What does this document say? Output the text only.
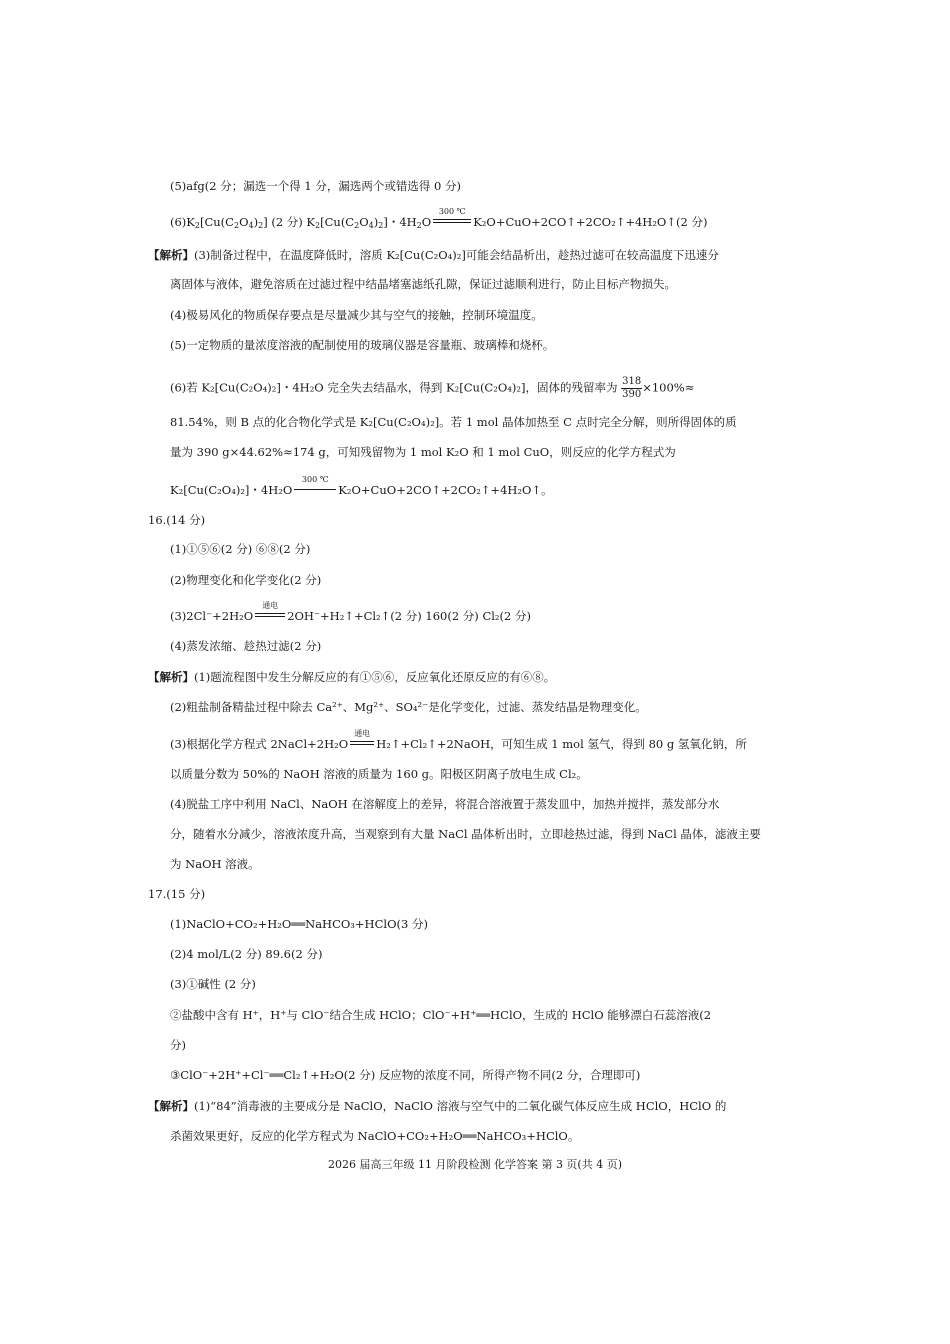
(5)afg(2 分；漏选一个得 1 分，漏选两个或错选得 0 分)
$(6)K_2[Cu(C_2O_4)_2]$ (2 分) $K_2[Cu(C_2O_4)_2]$・$4H_2O$
300 ℃
K₂O+CuO+2CO↑+2CO₂↑+4H₂O↑(2 分)
【解析】(3)制备过程中，在温度降低时，溶质 K₂[Cu(C₂O₄)₂]可能会结晶析出，趁热过滤可在较高温度下迅速分
离固体与液体，避免溶质在过滤过程中结晶堵塞滤纸孔隙，保证过滤顺利进行，防止目标产物损失。
(4)极易风化的物质保存要点是尽量减少其与空气的接触，控制环境温度。
(5)一定物质的量浓度溶液的配制使用的玻璃仪器是容量瓶、玻璃棒和烧杯。
(6)若 K₂[Cu(C₂O₄)₂]・4H₂O 完全失去结晶水，得到 K₂[Cu(C₂O₄)₂]，固体的残留率为 $\frac{318}{390} \times 100\%\approx$
81.54%，则 B 点的化合物化学式是 K₂[Cu(C₂O₄)₂]。若 1 mol 晶体加热至 C 点时完全分解，则所得固体的质
量为 390 g×44.62%≈174 g，可知残留物为 1 mol K₂O 和 1 mol CuO，则反应的化学方程式为
K₂[Cu(C₂O₄)₂]・4H₂O
300 ℃
K₂O+CuO+2CO↑+2CO₂↑+4H₂O↑。
16.(14 分)
(1)①⑤⑥(2 分) ⑥⑧(2 分)
(2)物理变化和化学变化(2 分)
(3)2Cl⁻+2H₂O
通电
2OH⁻+H₂↑+Cl₂↑(2 分) 160(2 分) Cl₂(2 分)
(4)蒸发浓缩、趁热过滤(2 分)
【解析】(1)题流程图中发生分解反应的有①⑤⑥，反应氧化还原反应的有⑥⑧。
(2)粗盐制备精盐过程中除去 Ca²⁺、Mg²⁺、SO₄²⁻是化学变化，过滤、蒸发结晶是物理变化。
(3)根据化学方程式 2NaCl+2H₂O
通电
H₂↑+Cl₂↑+2NaOH，可知生成 1 mol 氢气，得到 80 g 氢氧化钠，所
以质量分数为 50%的 NaOH 溶液的质量为 160 g。阳极区阴离子放电生成 Cl₂。
(4)脱盐工序中利用 NaCl、NaOH 在溶解度上的差异，将混合溶液置于蒸发皿中，加热并搅拌，蒸发部分水
分，随着水分减少，溶液浓度升高，当观察到有大量 NaCl 晶体析出时，立即趁热过滤，得到 NaCl 晶体，滤液主要
为 NaOH 溶液。
17.(15 分)
(1)NaClO+CO₂+H₂O══NaHCO₃+HClO(3 分)
(2)4 mol/L(2 分) 89.6(2 分)
(3)①碱性 (2 分)
②盐酸中含有 H⁺，H⁺与 ClO⁻结合生成 HClO；ClO⁻+H⁺══HClO，生成的 HClO 能够漂白石蕊溶液(2
分)
③ClO⁻+2H⁺+Cl⁻══Cl₂↑+H₂O(2 分) 反应物的浓度不同，所得产物不同(2 分，合理即可)
【解析】(1)“84”消毒液的主要成分是 NaClO，NaClO 溶液与空气中的二氧化碳气体反应生成 HClO，HClO 的
杀菌效果更好，反应的化学方程式为 NaClO+CO₂+H₂O══NaHCO₃+HClO。
2026 届高三年级 11 月阶段检测 化学答案 第 3 页(共 4 页)
